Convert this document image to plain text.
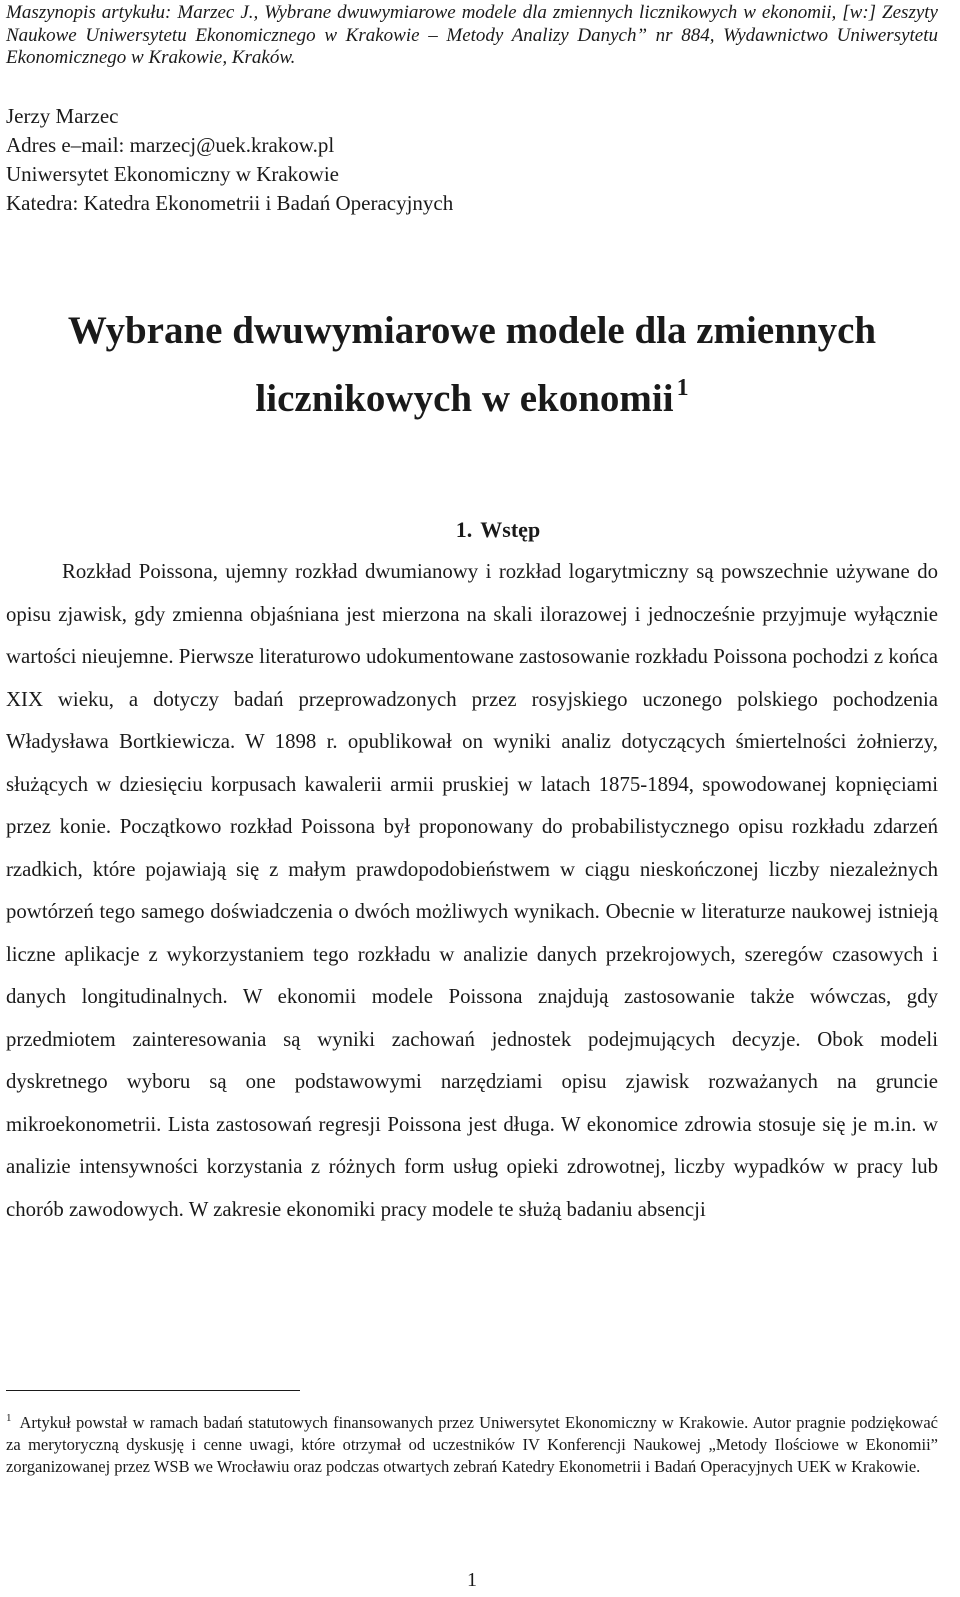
Maszynopis artykułu: Marzec J., Wybrane dwuwymiarowe modele dla zmiennych licznikowych w ekonomii, [w:] Zeszyty Naukowe Uniwersytetu Ekonomicznego w Krakowie – Metody Analizy Danych” nr 884, Wydawnictwo Uniwersytetu Ekonomicznego w Krakowie, Kraków.
Jerzy Marzec
Adres e–mail: marzecj@uek.krakow.pl
Uniwersytet Ekonomiczny w Krakowie
Katedra: Katedra Ekonometrii i Badań Operacyjnych
Wybrane dwuwymiarowe modele dla zmiennych
licznikowych w ekonomii $^1$
1. Wstęp

Rozkład Poissona, ujemny rozkład dwumianowy i rozkład logarytmiczny są powszechnie używane do opisu zjawisk, gdy zmienna objaśniana jest mierzona na skali ilorazowej i jednocześnie przyjmuje wyłącznie wartości nieujemne. Pierwsze literaturowo udokumentowane zastosowanie rozkładu Poissona pochodzi z końca XIX wieku, a dotyczy badań przeprowadzonych przez rosyjskiego uczonego polskiego pochodzenia Władysława Bortkiewicza. W 1898 r. opublikował on wyniki analiz dotyczących śmiertelności żołnierzy, służących w dziesięciu korpusach kawalerii armii pruskiej w latach 1875-1894, spowodowanej kopnięciami przez konie. Początkowo rozkład Poissona był proponowany do probabilistycznego opisu rozkładu zdarzeń rzadkich, które pojawiają się z małym prawdopodobieństwem w ciągu nieskończonej liczby niezależnych powtórzeń tego samego doświadczenia o dwóch możliwych wynikach. Obecnie w literaturze naukowej istnieją liczne aplikacje z wykorzystaniem tego rozkładu w analizie danych przekrojowych, szeregów czasowych i danych longitudinalnych. W ekonomii modele Poissona znajdują zastosowanie także wówczas, gdy przedmiotem zainteresowania są wyniki zachowań jednostek podejmujących decyzje. Obok modeli dyskretnego wyboru są one podstawowymi narzędziami opisu zjawisk rozważanych na gruncie mikroekonometrii. Lista zastosowań regresji Poissona jest długa. W ekonomice zdrowia stosuje się je m.in. w analizie intensywności korzystania z różnych form usług opieki zdrowotnej, liczby wypadków w pracy lub chorób zawodowych. W zakresie ekonomiki pracy modele te służą badaniu absencji

$^1$ Artykuł powstał w ramach badań statutowych finansowanych przez Uniwersytet Ekonomiczny w Krakowie. Autor pragnie podziękować za merytoryczną dyskusję i cenne uwagi, które otrzymał od uczestników IV Konferencji Naukowej „Metody Ilościowe w Ekonomii” zorganizowanej przez WSB we Wrocławiu oraz podczas otwartych zebrań Katedry Ekonometrii i Badań Operacyjnych UEK w Krakowie.

1
